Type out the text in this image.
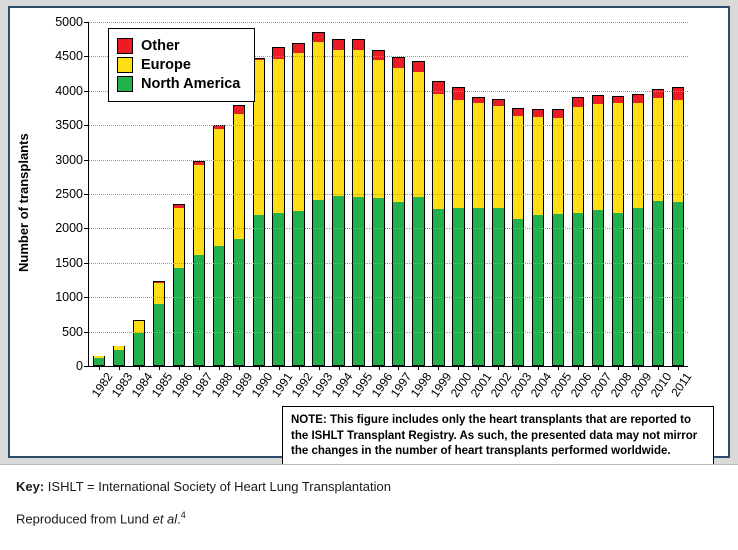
Number of transplants
0
500
1000
1500
2000
2500
3000
3500
4000
4500
5000
1982
1983
1984
1985
1986
1987
1988
1989
1990
1991
1992
1993
1994
1995
1996
1997
1998
1999
2000
2001
2002
2003
2004
2005
2006
2007
2008
2009
2010
2011
Other
Europe
North America
NOTE: This figure includes only the heart transplants that are reported to the ISHLT Transplant Registry. As such, the presented data may not mirror the changes in the number of heart transplants performed worldwide.
Key: ISHLT = International Society of Heart Lung Transplantation
Reproduced from Lund et al.$^4$
